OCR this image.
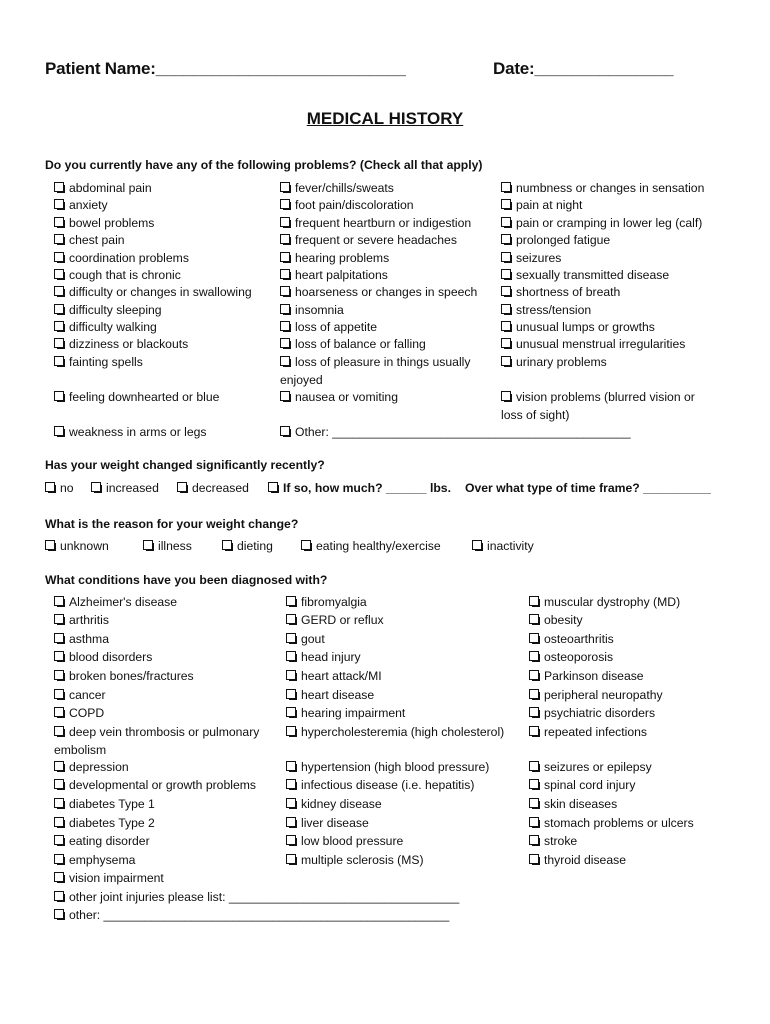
Patient Name:___________________________	Date:_______________
MEDICAL HISTORY
Do you currently have any of the following problems? (Check all that apply)
abdominal pain
anxiety
bowel problems
chest pain
coordination problems
cough that is chronic
difficulty or changes in swallowing
difficulty sleeping
difficulty walking
dizziness or blackouts
fainting spells
feeling downhearted or blue
weakness in arms or legs
fever/chills/sweats
foot pain/discoloration
frequent heartburn or indigestion
frequent or severe headaches
hearing problems
heart palpitations
hoarseness or changes in speech
insomnia
loss of appetite
loss of balance or falling
loss of pleasure in things usually enjoyed
nausea or vomiting
Other: ____________________________________________
numbness or changes in sensation
pain at night
pain or cramping in lower leg (calf)
prolonged fatigue
seizures
sexually transmitted disease
shortness of breath
stress/tension
unusual lumps or growths
unusual menstrual irregularities
urinary problems
vision problems (blurred vision or loss of sight)
Has your weight changed significantly recently?
no	increased	decreased	If so, how much? ______ lbs. Over what type of time frame? __________
What is the reason for your weight change?
unknown	illness	dieting	eating healthy/exercise	inactivity
What conditions have you been diagnosed with?
Alzheimer's disease
arthritis
asthma
blood disorders
broken bones/fractures
cancer
COPD
deep vein thrombosis or pulmonary embolism
depression
developmental or growth problems
diabetes Type 1
diabetes Type 2
eating disorder
emphysema
vision impairment
other joint injuries please list: __________________________________
other: ___________________________________________________
fibromyalgia
GERD or reflux
gout
head injury
heart attack/MI
heart disease
hearing impairment
hypercholesteremia (high cholesterol)
hypertension (high blood pressure)
infectious disease (i.e. hepatitis)
kidney disease
liver disease
low blood pressure
multiple sclerosis (MS)
muscular dystrophy (MD)
obesity
osteoarthritis
osteoporosis
Parkinson disease
peripheral neuropathy
psychiatric disorders
repeated infections
seizures or epilepsy
spinal cord injury
skin diseases
stomach problems or ulcers
stroke
thyroid disease
